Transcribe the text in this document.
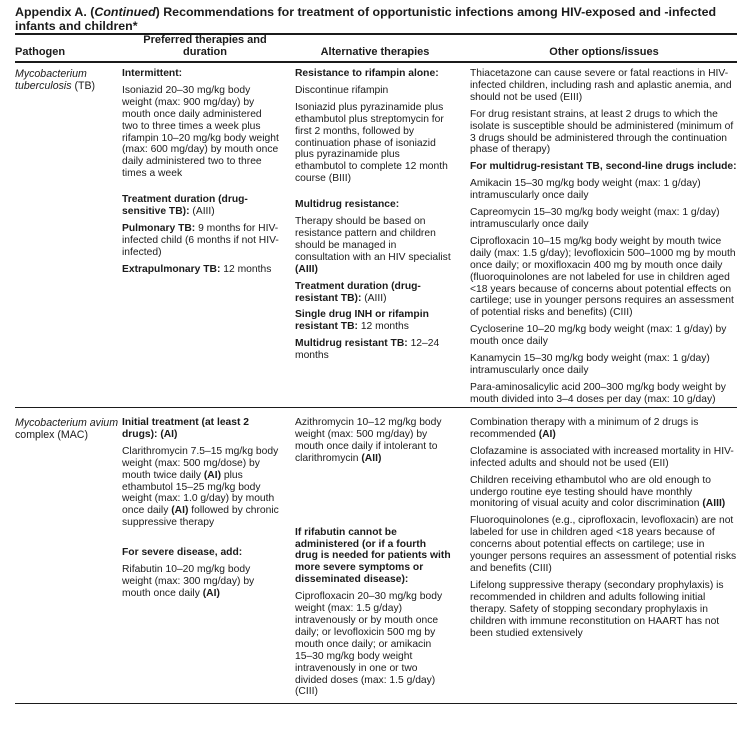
Appendix A. (Continued) Recommendations for treatment of opportunistic infections among HIV-exposed and -infected infants and children*
Pathogen
Preferred therapies and duration	Alternative therapies	Other options/issues

Mycobacterium tuberculosis (TB)

Intermittent:

Isoniazid 20–30 mg/kg body weight (max: 900 mg/day) by mouth once daily administered two to three times a week plus rifampin 10–20 mg/kg body weight (max: 600 mg/day) by mouth once daily administered two to three times a week

Treatment duration (drug-sensitive TB): (AIII)

Pulmonary TB: 9 months for HIV-infected child (6 months if not HIV-infected)

Extrapulmonary TB: 12 months

Resistance to rifampin alone:

Discontinue rifampin

Isoniazid plus pyrazinamide plus ethambutol plus streptomycin for first 2 months, followed by continuation phase of isoniazid plus pyrazinamide plus ethambutol to complete 12 month course (BIII)

Multidrug resistance:

Therapy should be based on resistance pattern and children should be managed in consultation with an HIV specialist (AIII)

Treatment duration (drug-resistant TB): (AIII)

Single drug INH or rifampin resistant TB: 12 months

Multidrug resistant TB: 12–24 months

Thiacetazone can cause severe or fatal reactions in HIV-infected children, including rash and aplastic anemia, and should not be used (EIII)

For drug resistant strains, at least 2 drugs to which the isolate is susceptible should be administered (minimum of 3 drugs should be administered through the continuation phase of therapy)

For multidrug-resistant TB, second-line drugs include:

Amikacin 15–30 mg/kg body weight (max: 1 g/day) intramuscularly once daily

Capreomycin 15–30 mg/kg body weight (max: 1 g/day) intramuscularly once daily

Ciprofloxacin 10–15 mg/kg body weight by mouth twice daily (max: 1.5 g/day); levofloxicin 500–1000 mg by mouth once daily; or moxifloxacin 400 mg by mouth once daily (fluoroquinolones are not labeled for use in children aged <18 years because of concerns about potential effects on cartilege; use in younger persons requires an assessment of potential risks and benefits) (CIII)

Cycloserine 10–20 mg/kg body weight (max: 1 g/day) by mouth once daily

Kanamycin 15–30 mg/kg body weight (max: 1 g/day) intramuscularly once daily

Para-aminosalicylic acid 200–300 mg/kg body weight by mouth divided into 3–4 doses per day (max: 10 g/day)

Mycobacterium avium complex (MAC)

Initial treatment (at least 2 drugs): (AI)

Clarithromycin 7.5–15 mg/kg body weight (max: 500 mg/dose) by mouth twice daily (AI) plus ethambutol 15–25 mg/kg body weight (max: 1.0 g/day) by mouth once daily (AI) followed by chronic suppressive therapy

For severe disease, add:

Rifabutin 10–20 mg/kg body weight (max: 300 mg/day) by mouth once daily (AI)

Azithromycin 10–12 mg/kg body weight (max: 500 mg/day) by mouth once daily if intolerant to clarithromycin (AII)

If rifabutin cannot be administered (or if a fourth drug is needed for patients with more severe symptoms or disseminated disease):

Ciprofloxacin 20–30 mg/kg body weight (max: 1.5 g/day) intravenously or by mouth once daily; or levofloxicin 500 mg by mouth once daily; or amikacin 15–30 mg/kg body weight intravenously in one or two divided doses (max: 1.5 g/day) (CIII)

Combination therapy with a minimum of 2 drugs is recommended (AI)

Clofazamine is associated with increased mortality in HIV-infected adults and should not be used (EII)

Children receiving ethambutol who are old enough to undergo routine eye testing should have monthly monitoring of visual acuity and color discrimination (AIII)

Fluoroquinolones (e.g., ciprofloxacin, levofloxacin) are not labeled for use in children aged <18 years because of concerns about potential effects on cartilege; use in younger persons requires an assessment of potential risks and benefits (CIII)

Lifelong suppressive therapy (secondary prophylaxis) is recommended in children and adults following initial therapy. Safety of stopping secondary prophylaxis in children with immune reconstitution on HAART has not been studied extensively
